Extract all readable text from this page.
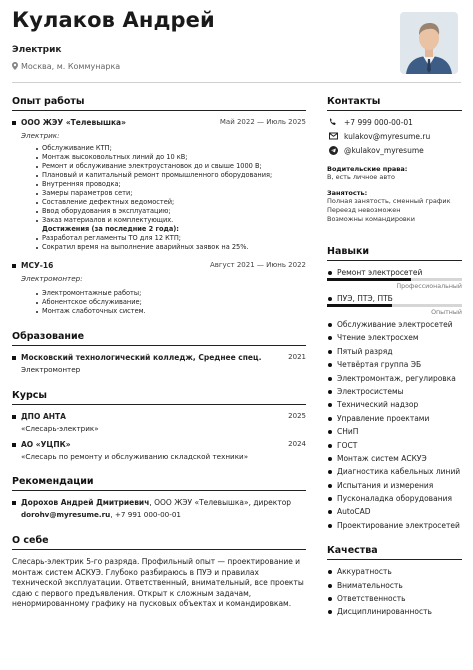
Кулаков Андрей
Электрик
Москва, м. Коммунарка
Опыт работы
ООО ЖЭУ «Телевышка»	Май 2022 — Июль 2025
Электрик:
Обслуживание КТП;
Монтаж высоковольтных линий до 10 кВ;
Ремонт и обслуживание электроустановок до и свыше 1000 В;
Плановый и капитальный ремонт промышленного оборудования;
Внутренняя проводка;
Замеры параметров сети;
Составление дефектных ведомостей;
Ввод оборудования в эксплуатацию;
Заказ материалов и комплектующих.
Достижения (за последние 2 года):
Разработал регламенты ТО для 12 КТП;
Сократил время на выполнение аварийных заявок на 25%.
МСУ-16	Август 2021 — Июнь 2022
Электромонтер:
Электромонтажные работы;
Абонентское обслуживание;
Монтаж слаботочных систем.
Образование
Московский технологический колледж, Среднее спец.	2021
Электромонтер
Курсы
ДПО АНТА	2025
«Слесарь-электрик»
АО «УЦПК»	2024
«Слесарь по ремонту и обслуживанию складской техники»
Рекомендации
Дорохов Андрей Дмитриевич, ООО ЖЭУ «Телевышка», директор
dorohv@myresume.ru, +7 991 000-00-01
О себе
Слесарь-электрик 5-го разряда. Профильный опыт — проектирование и монтаж систем АСКУЭ. Глубоко разбираюсь в ПУЭ и правилах технической эксплуатации. Ответственный, внимательный, все проекты сдаю с первого предъявления. Открыт к сложным задачам, ненормированному графику на пусковых объектах и командировкам.
Контакты
+7 999 000-00-01
kulakov@myresume.ru
@kulakov_myresume
Водительские права:
В, есть личное авто
Занятость:
Полная занятость, сменный график
Переезд невозможен
Возможны командировки
Навыки
Ремонт электросетей
Профессиональный
ПУЭ, ПТЭ, ПТБ
Опытный
Обслуживание электросетей
Чтение электросхем
Пятый разряд
Четвёртая группа ЭБ
Электромонтаж, регулировка
Электросистемы
Технический надзор
Управление проектами
СНиП
ГОСТ
Монтаж систем АСКУЭ
Диагностика кабельных линий
Испытания и измерения
Пусконаладка оборудования
AutoCAD
Проектирование электросетей
Качества
Аккуратность
Внимательность
Ответственность
Дисциплинированность
